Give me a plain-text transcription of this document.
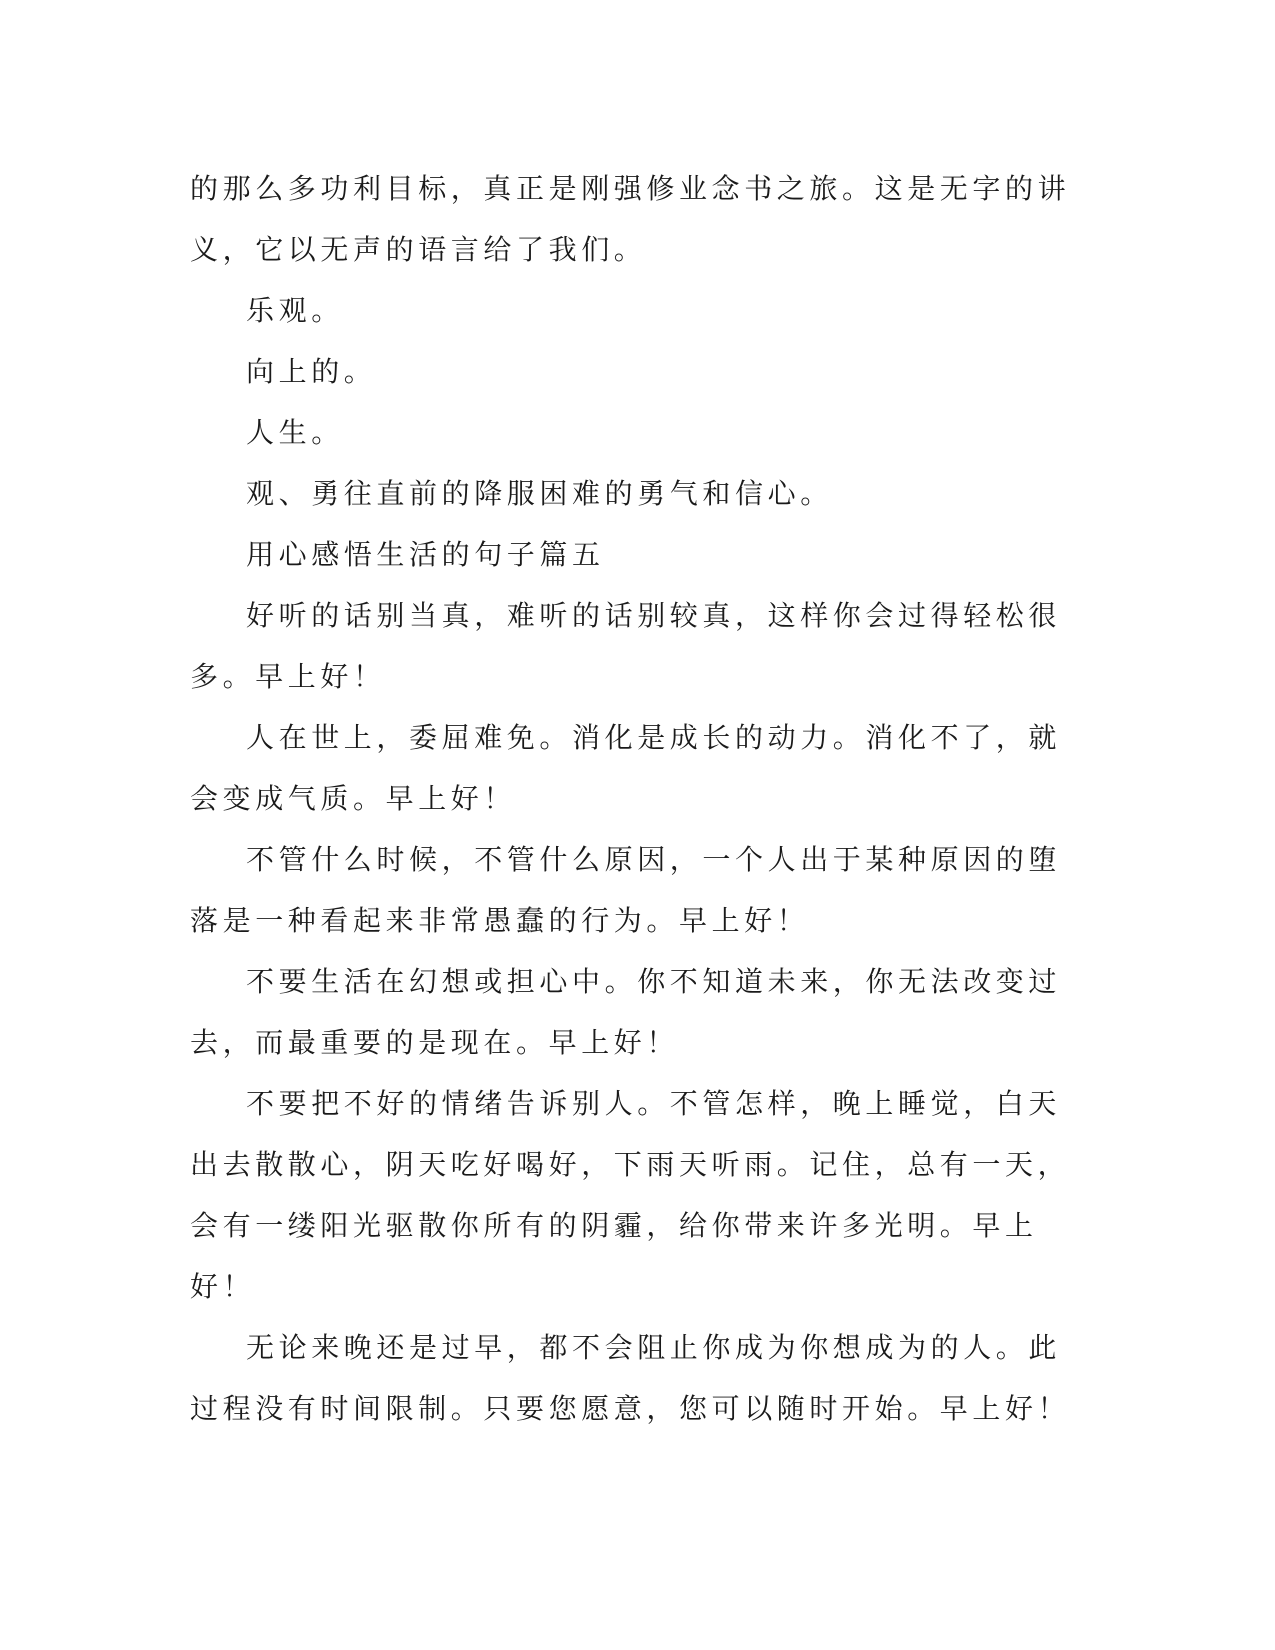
的那么多功利目标，真正是刚强修业念书之旅。这是无字的讲义，它以无声的语言给了我们。

乐观。

向上的。

人生。

观、勇往直前的降服困难的勇气和信心。

用心感悟生活的句子篇五

好听的话别当真，难听的话别较真，这样你会过得轻松很多。早上好！

人在世上，委屈难免。消化是成长的动力。消化不了，就会变成气质。早上好！

不管什么时候，不管什么原因，一个人出于某种原因的堕落是一种看起来非常愚蠢的行为。早上好！

不要生活在幻想或担心中。你不知道未来，你无法改变过去，而最重要的是现在。早上好！

不要把不好的情绪告诉别人。不管怎样，晚上睡觉，白天出去散散心，阴天吃好喝好，下雨天听雨。记住，总有一天，会有一缕阳光驱散你所有的阴霾，给你带来许多光明。早上好！

无论来晚还是过早，都不会阻止你成为你想成为的人。此过程没有时间限制。只要您愿意，您可以随时开始。早上好！
